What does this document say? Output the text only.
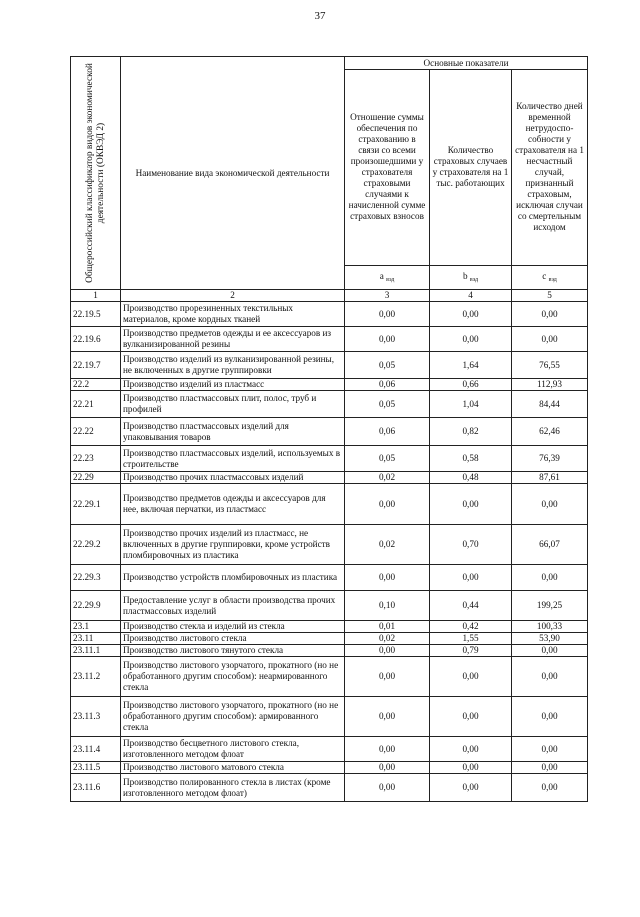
37
Общероссийский классификатор видов экономической деятельности (ОКВЭД 2)	Наименование вида экономической деятельности	Основные показатели		
		Отношение суммы обеспечения по страхованию в связи со всеми произошедшими у страхователя страховыми случаями к начисленной сумме страховых взносов	Количество страховых случаев у страхователя на 1 тыс. работающих	Количество дней временной нетрудоспо-собности у страхователя на 1 несчастный случай, признанный страховым, исключая случаи со смертельным исходом
		a $_{вэд}$	b $_{вэд}$	c $_{вэд}$
1	2	3	4	5
22.19.5	Производство прорезиненных текстильных материалов, кроме кордных тканей	0,00	0,00	0,00
22.19.6	Производство предметов одежды и ее аксессуаров из вулканизированной резины	0,00	0,00	0,00
22.19.7	Производство изделий из вулканизированной резины, не включенных в другие группировки	0,05	1,64	76,55
22.2	Производство изделий из пластмасс	0,06	0,66	112,93
22.21	Производство пластмассовых плит, полос, труб и профилей	0,05	1,04	84,44
22.22	Производство пластмассовых изделий для упаковывания товаров	0,06	0,82	62,46
22.23	Производство пластмассовых изделий, используемых в строительстве	0,05	0,58	76,39
22.29	Производство прочих пластмассовых изделий	0,02	0,48	87,61
22.29.1	Производство предметов одежды и аксессуаров для нее, включая перчатки, из пластмасс	0,00	0,00	0,00
22.29.2	Производство прочих изделий из пластмасс, не включенных в другие группировки, кроме устройств пломбировочных из пластика	0,02	0,70	66,07
22.29.3	Производство устройств пломбировочных из пластика	0,00	0,00	0,00
22.29.9	Предоставление услуг в области производства прочих пластмассовых изделий	0,10	0,44	199,25
23.1	Производство стекла и изделий из стекла	0,01	0,42	100,33
23.11	Производство листового стекла	0,02	1,55	53,90
23.11.1	Производство листового тянутого стекла	0,00	0,79	0,00
23.11.2	Производство листового узорчатого, прокатного (но не обработанного другим способом): неармированного стекла	0,00	0,00	0,00
23.11.3	Производство листового узорчатого, прокатного (но не обработанного другим способом): армированного стекла	0,00	0,00	0,00
23.11.4	Производство бесцветного листового стекла, изготовленного методом флоат	0,00	0,00	0,00
23.11.5	Производство листового матового стекла	0,00	0,00	0,00
23.11.6	Производство полированного стекла в листах (кроме изготовленного методом флоат)	0,00	0,00	0,00
